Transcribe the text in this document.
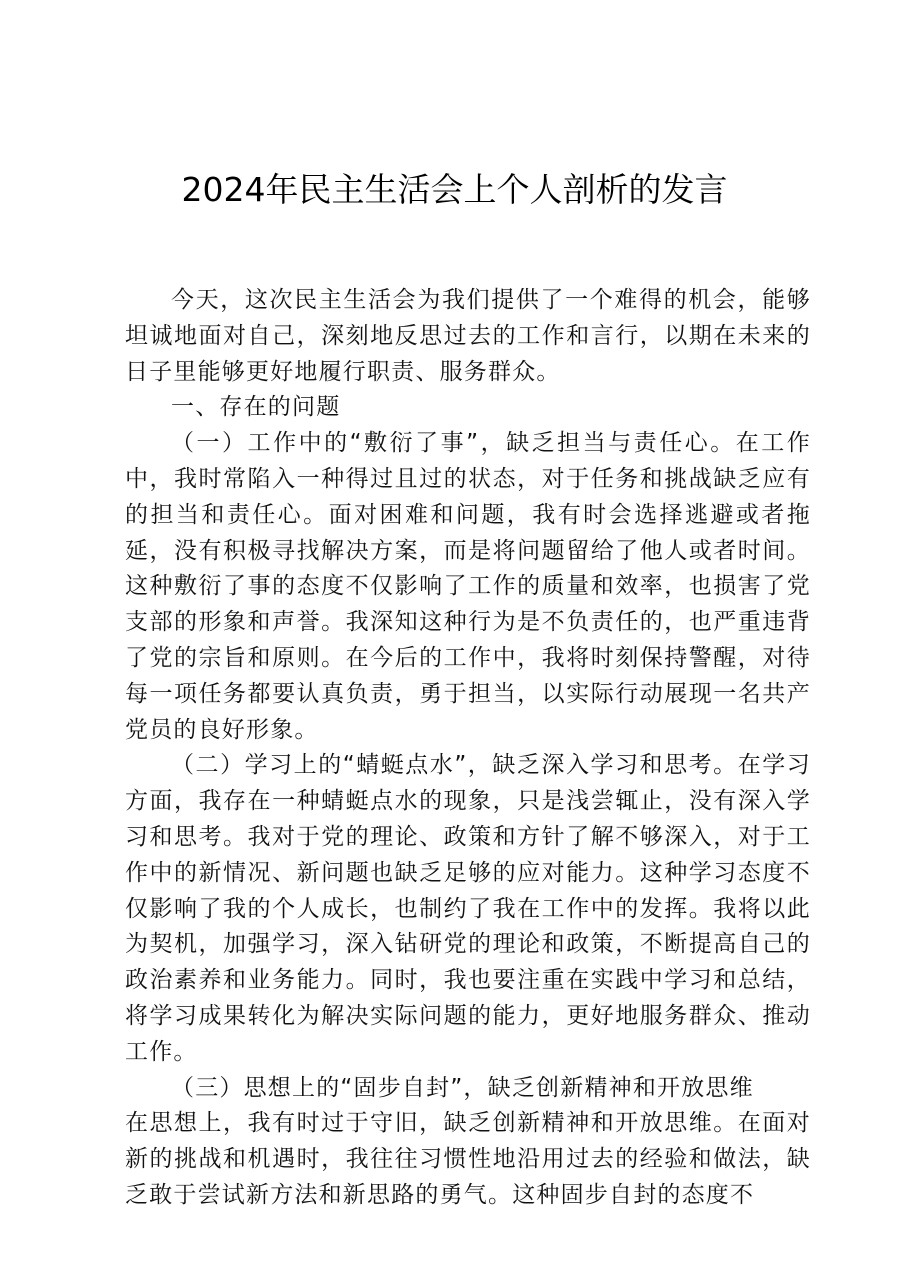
2024年民主生活会上个人剖析的发言

今天，这次民主生活会为我们提供了一个难得的机会，能够坦诚地面对自己，深刻地反思过去的工作和言行，以期在未来的日子里能够更好地履行职责、服务群众。

一、存在的问题

（一）工作中的“敷衍了事”，缺乏担当与责任心。在工作中，我时常陷入一种得过且过的状态，对于任务和挑战缺乏应有的担当和责任心。面对困难和问题，我有时会选择逃避或者拖延，没有积极寻找解决方案，而是将问题留给了他人或者时间。这种敷衍了事的态度不仅影响了工作的质量和效率，也损害了党支部的形象和声誉。我深知这种行为是不负责任的，也严重违背了党的宗旨和原则。在今后的工作中，我将时刻保持警醒，对待每一项任务都要认真负责，勇于担当，以实际行动展现一名共产党员的良好形象。

（二）学习上的“蜻蜓点水”，缺乏深入学习和思考。在学习方面，我存在一种蜻蜓点水的现象，只是浅尝辄止，没有深入学习和思考。我对于党的理论、政策和方针了解不够深入，对于工作中的新情况、新问题也缺乏足够的应对能力。这种学习态度不仅影响了我的个人成长，也制约了我在工作中的发挥。我将以此为契机，加强学习，深入钻研党的理论和政策，不断提高自己的政治素养和业务能力。同时，我也要注重在实践中学习和总结，将学习成果转化为解决实际问题的能力，更好地服务群众、推动工作。

（三）思想上的“固步自封”，缺乏创新精神和开放思维
在思想上，我有时过于守旧，缺乏创新精神和开放思维。在面对新的挑战和机遇时，我往往习惯性地沿用过去的经验和做法，缺乏敢于尝试新方法和新思路的勇气。这种固步自封的态度不
